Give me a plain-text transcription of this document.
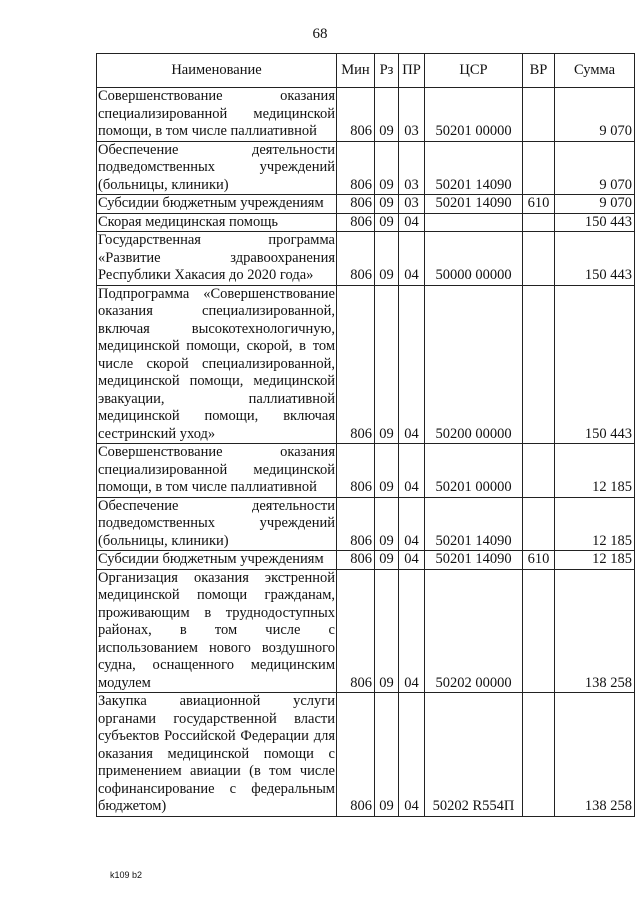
68
Наименование	Мин	Рз	ПР	ЦСР	ВР	Сумма
Совершенствование оказания специализированной медицинской помощи, в том числе паллиативной	806	09	03	50201 00000		9 070
Обеспечение деятельности подведомственных учреждений (больницы, клиники)	806	09	03	50201 14090		9 070
Субсидии бюджетным учреждениям	806	09	03	50201 14090	610	9 070
Скорая медицинская помощь	806	09	04			150 443
Государственная программа «Развитие здравоохранения Республики Хакасия до 2020 года»	806	09	04	50000 00000		150 443
Подпрограмма «Совершенствование оказания специализированной, включая высокотехнологичную, медицинской помощи, скорой, в том числе скорой специализированной, медицинской помощи, медицинской эвакуации, паллиативной медицинской помощи, включая сестринский уход»	806	09	04	50200 00000		150 443
Совершенствование оказания специализированной медицинской помощи, в том числе паллиативной	806	09	04	50201 00000		12 185
Обеспечение деятельности подведомственных учреждений (больницы, клиники)	806	09	04	50201 14090		12 185
Субсидии бюджетным учреждениям	806	09	04	50201 14090	610	12 185
Организация оказания экстренной медицинской помощи гражданам, проживающим в труднодоступных районах, в том числе с использованием нового воздушного судна, оснащенного медицинским модулем	806	09	04	50202 00000		138 258
Закупка авиационной услуги органами государственной власти субъектов Российской Федерации для оказания медицинской помощи с применением авиации (в том числе софинансирование с федеральным бюджетом)	806	09	04	50202 R554П		138 258
k109 b2
